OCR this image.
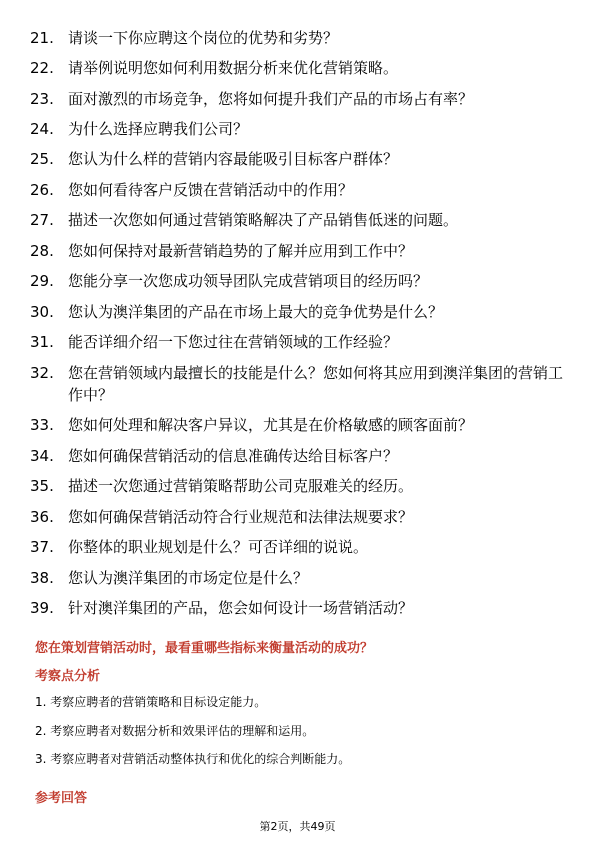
21. 请谈一下你应聘这个岗位的优势和劣势？
22. 请举例说明您如何利用数据分析来优化营销策略。
23. 面对激烈的市场竞争，您将如何提升我们产品的市场占有率？
24. 为什么选择应聘我们公司？
25. 您认为什么样的营销内容最能吸引目标客户群体？
26. 您如何看待客户反馈在营销活动中的作用？
27. 描述一次您如何通过营销策略解决了产品销售低迷的问题。
28. 您如何保持对最新营销趋势的了解并应用到工作中？
29. 您能分享一次您成功领导团队完成营销项目的经历吗？
30. 您认为澳洋集团的产品在市场上最大的竞争优势是什么？
31. 能否详细介绍一下您过往在营销领域的工作经验？
32. 您在营销领域内最擅长的技能是什么？您如何将其应用到澳洋集团的营销工作中？
33. 您如何处理和解决客户异议，尤其是在价格敏感的顾客面前？
34. 您如何确保营销活动的信息准确传达给目标客户？
35. 描述一次您通过营销策略帮助公司克服难关的经历。
36. 您如何确保营销活动符合行业规范和法律法规要求？
37. 你整体的职业规划是什么？可否详细的说说。
38. 您认为澳洋集团的市场定位是什么？
39. 针对澳洋集团的产品，您会如何设计一场营销活动？
您在策划营销活动时，最看重哪些指标来衡量活动的成功？
考察点分析
1. 考察应聘者的营销策略和目标设定能力。
2. 考察应聘者对数据分析和效果评估的理解和运用。
3. 考察应聘者对营销活动整体执行和优化的综合判断能力。
参考回答
第2页，共49页
